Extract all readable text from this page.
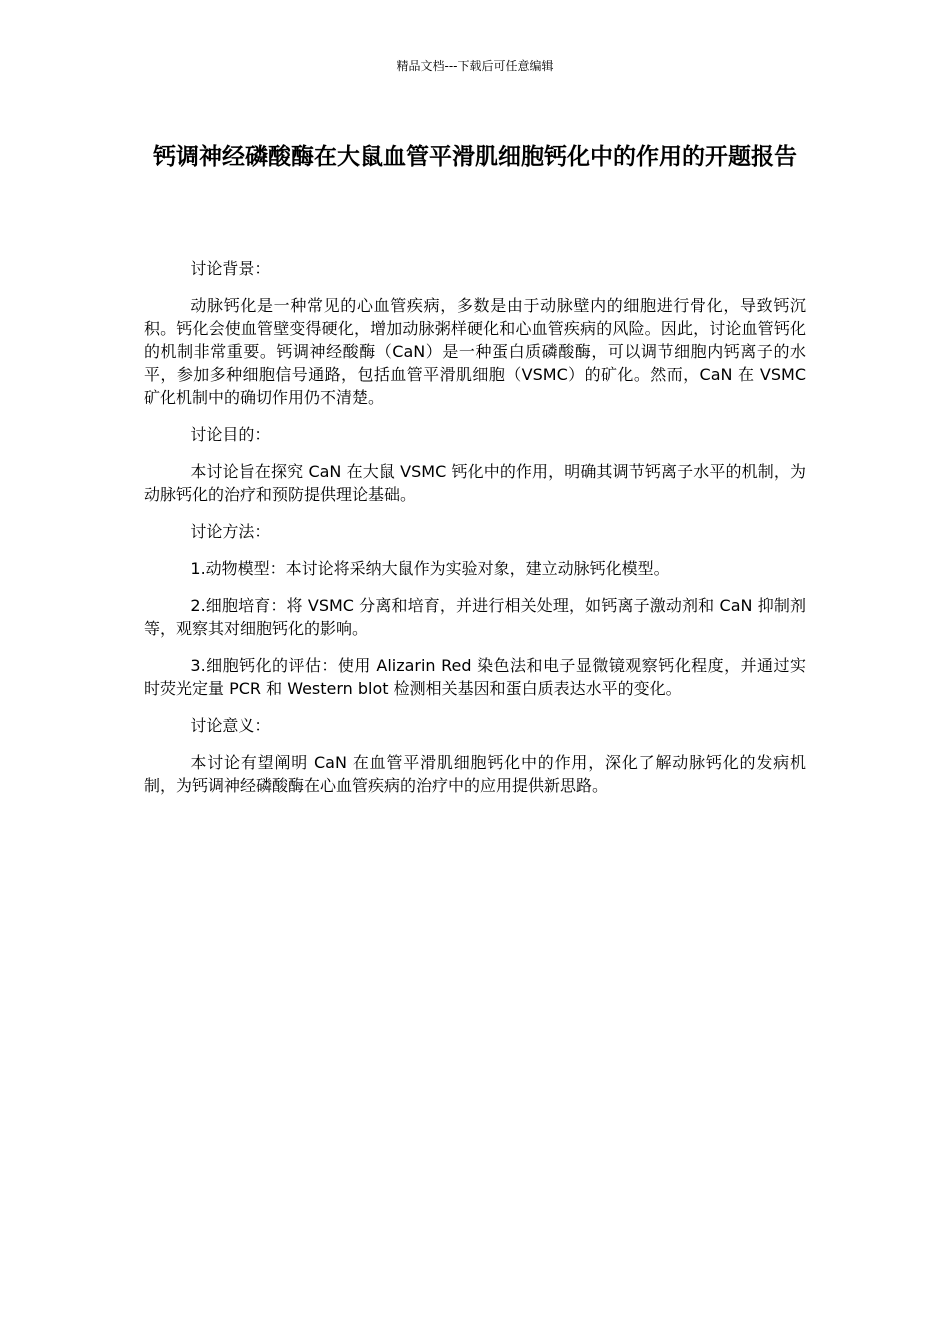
精品文档---下载后可任意编辑
钙调神经磷酸酶在大鼠血管平滑肌细胞钙化中的作用的开题报告

讨论背景：

动脉钙化是一种常见的心血管疾病，多数是由于动脉壁内的细胞进行骨化，导致钙沉积。钙化会使血管壁变得硬化，增加动脉粥样硬化和心血管疾病的风险。因此，讨论血管钙化的机制非常重要。钙调神经酸酶（CaN）是一种蛋白质磷酸酶，可以调节细胞内钙离子的水平，参加多种细胞信号通路，包括血管平滑肌细胞（VSMC）的矿化。然而，CaN 在 VSMC 矿化机制中的确切作用仍不清楚。

讨论目的：

本讨论旨在探究 CaN 在大鼠 VSMC 钙化中的作用，明确其调节钙离子水平的机制，为动脉钙化的治疗和预防提供理论基础。

讨论方法：

1.动物模型：本讨论将采纳大鼠作为实验对象，建立动脉钙化模型。

2.细胞培育：将 VSMC 分离和培育，并进行相关处理，如钙离子激动剂和 CaN 抑制剂等，观察其对细胞钙化的影响。

3.细胞钙化的评估：使用 Alizarin Red 染色法和电子显微镜观察钙化程度，并通过实时荧光定量 PCR 和 Western blot 检测相关基因和蛋白质表达水平的变化。

讨论意义：

本讨论有望阐明 CaN 在血管平滑肌细胞钙化中的作用，深化了解动脉钙化的发病机制，为钙调神经磷酸酶在心血管疾病的治疗中的应用提供新思路。
